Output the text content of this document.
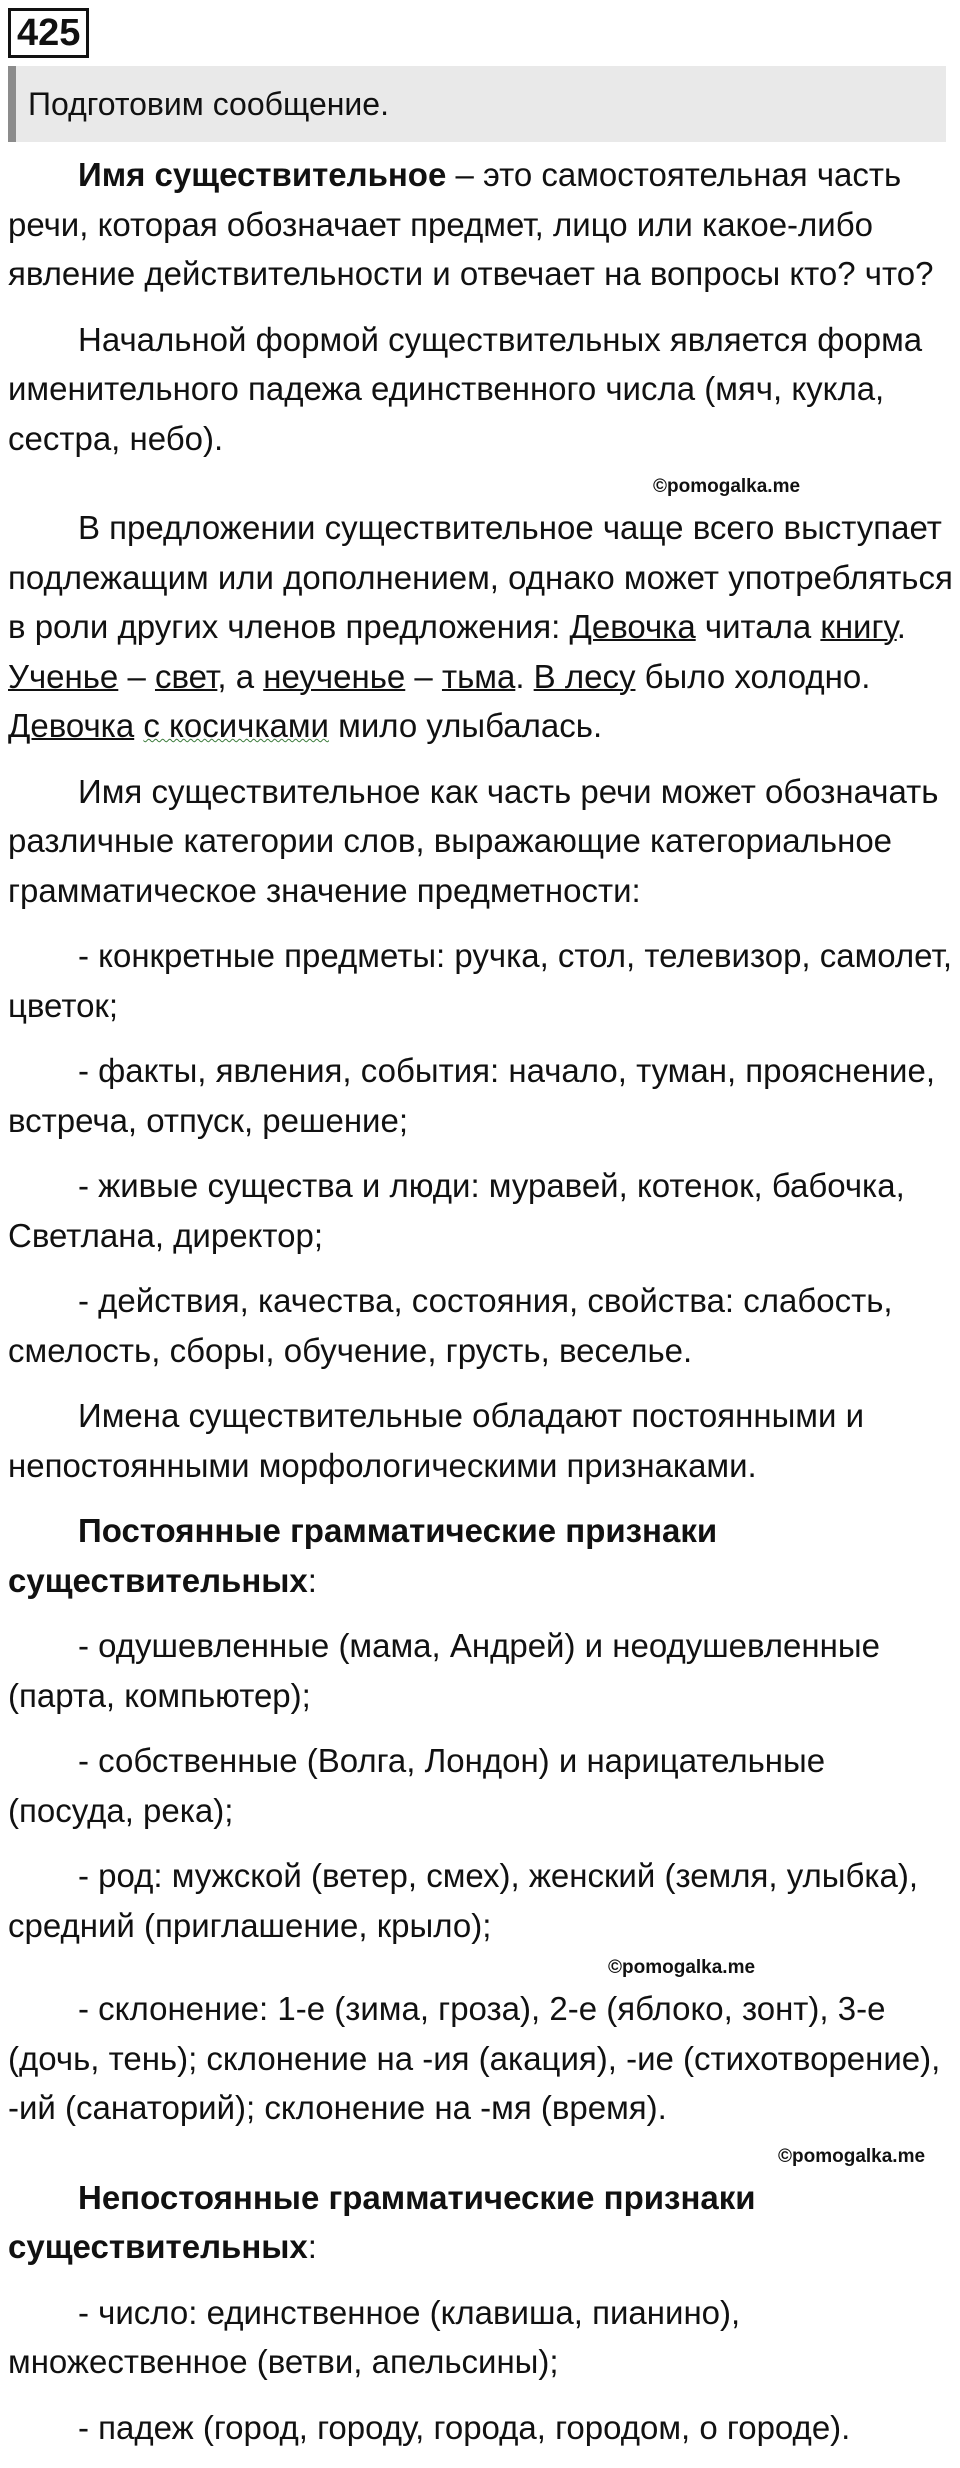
425
Подготовим сообщение.

Имя существительное – это самостоятельная часть речи, которая обозначает предмет, лицо или какое-либо явление действительности и отвечает на вопросы кто? что?

Начальной формой существительных является форма именительного падежа единственного числа (мяч, кукла, сестра, небо).

©pomogalka.me

В предложении существительное чаще всего выступает подлежащим или дополнением, однако может употребляться в роли других членов предложения: Девочка читала книгу. Ученье – свет, а неученье – тьма. В лесу было холодно. Девочка с косичками мило улыбалась.

Имя существительное как часть речи может обозначать различные категории слов, выражающие категориальное грамматическое значение предметности:

- конкретные предметы: ручка, стол, телевизор, самолет, цветок;

- факты, явления, события: начало, туман, прояснение, встреча, отпуск, решение;

- живые существа и люди: муравей, котенок, бабочка, Светлана, директор;

- действия, качества, состояния, свойства: слабость, смелость, сборы, обучение, грусть, веселье.

Имена существительные обладают постоянными и непостоянными морфологическими признаками.

Постоянные грамматические признаки существительных:

- одушевленные (мама, Андрей) и неодушевленные (парта, компьютер);

- собственные (Волга, Лондон) и нарицательные (посуда, река);

- род: мужской (ветер, смех), женский (земля, улыбка), средний (приглашение, крыло);

©pomogalka.me

- склонение: 1-е (зима, гроза), 2-е (яблоко, зонт), 3-е (дочь, тень); склонение на -ия (акация), -ие (стихотворение), -ий (санаторий); склонение на -мя (время).

©pomogalka.me

Непостоянные грамматические признаки существительных:

- число: единственное (клавиша, пианино), множественное (ветви, апельсины);

- падеж (город, городу, города, городом, о городе).
